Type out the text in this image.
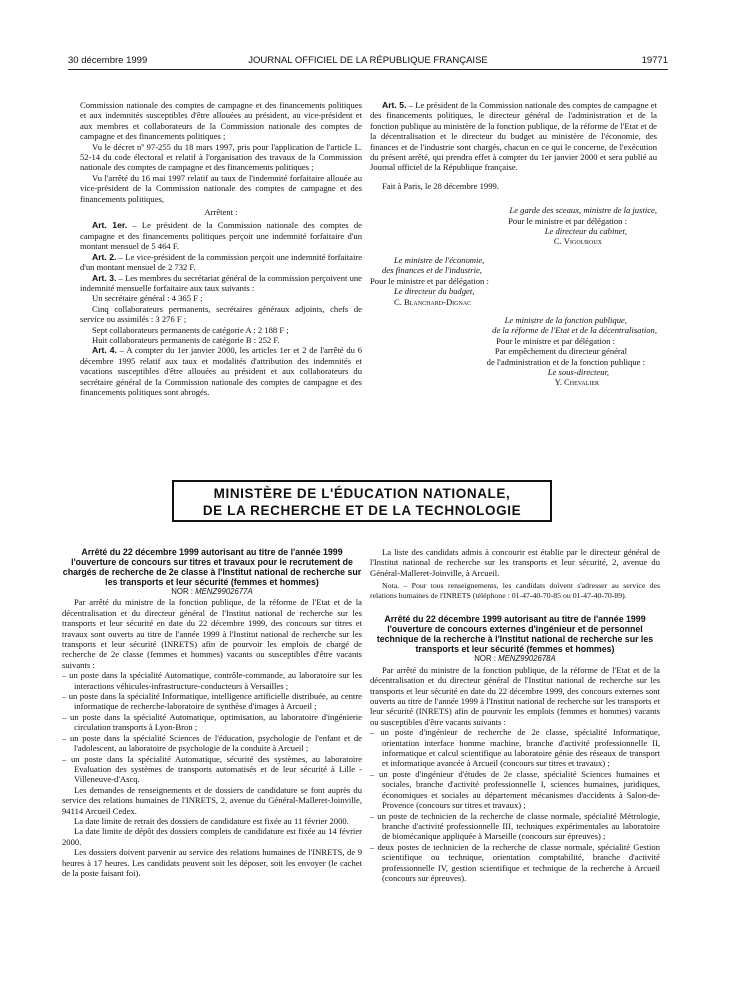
30 décembre 1999	JOURNAL OFFICIEL DE LA RÉPUBLIQUE FRANÇAISE	19771

Commission nationale des comptes de campagne et des financements politiques et aux indemnités susceptibles d'être allouées au président, au vice-président et aux membres et collaborateurs de la Commission nationale des comptes de campagne et des financements politiques ;

Vu le décret nº 97-255 du 18 mars 1997, pris pour l'application de l'article L. 52-14 du code électoral et relatif à l'organisation des travaux de la Commission nationale des comptes de campagne et des financements politiques ;

Vu l'arrêté du 16 mai 1997 relatif au taux de l'indemnité forfaitaire allouée au vice-président de la Commission nationale des comptes de campagne et des financements politiques,

Arrêtent :

Art. 1er. – Le président de la Commission nationale des comptes de campagne et des financements politiques perçoit une indemnité forfaitaire d'un montant mensuel de 5 464 F.

Art. 2. – Le vice-président de la commission perçoit une indemnité forfaitaire d'un montant mensuel de 2 732 F.

Art. 3. – Les membres du secrétariat général de la commission perçoivent une indemnité mensuelle forfaitaire aux taux suivants :

Un secrétaire général : 4 365 F ;

Cinq collaborateurs permanents, secrétaires généraux adjoints, chefs de service ou assimilés : 3 276 F ;

Sept collaborateurs permanents de catégorie A : 2 188 F ;

Huit collaborateurs permanents de catégorie B : 252 F.

Art. 4. – A compter du 1er janvier 2000, les articles 1er et 2 de l'arrêté du 6 décembre 1995 relatif aux taux et modalités d'attribution des indemnités et vacations susceptibles d'être allouées au président et aux collaborateurs du secrétaire général de la Commission nationale des comptes de campagne et des financements politiques sont abrogés.

Art. 5. – Le président de la Commission nationale des comptes de campagne et des financements politiques, le directeur général de l'administration et de la fonction publique au ministère de la fonction publique, de la réforme de l'Etat et de la décentralisation et le directeur du budget au ministère de l'économie, des finances et de l'industrie sont chargés, chacun en ce qui le concerne, de l'exécution du présent arrêté, qui prendra effet à compter du 1er janvier 2000 et sera publié au Journal officiel de la République française.

Fait à Paris, le 28 décembre 1999.

Le garde des sceaux, ministre de la justice,

Pour le ministre et par délégation :

Le directeur du cabinet,

C. Vigouroux

Le ministre de l'économie,

des finances et de l'industrie,

Pour le ministre et par délégation :

Le directeur du budget,

C. Blanchard-Dignac

Le ministre de la fonction publique,

de la réforme de l'Etat et de la décentralisation,

Pour le ministre et par délégation :

Par empêchement du directeur général

de l'administration et de la fonction publique :

Le sous-directeur,

Y. Chevalier

MINISTÈRE DE L'ÉDUCATION NATIONALE,
DE LA RECHERCHE ET DE LA TECHNOLOGIE

Arrêté du 22 décembre 1999 autorisant au titre de l'année 1999 l'ouverture de concours sur titres et travaux pour le recrutement de chargés de recherche de 2e classe à l'Institut national de recherche sur les transports et leur sécurité (femmes et hommes)

NOR : MENZ9902677A

Par arrêté du ministre de la fonction publique, de la réforme de l'Etat et de la décentralisation et du directeur général de l'Institut national de recherche sur les transports et leur sécurité en date du 22 décembre 1999, des concours sur titres et travaux sont ouverts au titre de l'année 1999 à l'Institut national de recherche sur les transports et leur sécurité (INRETS) afin de pourvoir les emplois de chargé de recherche de 2e classe (femmes et hommes) vacants ou susceptibles d'être vacants suivants :

– un poste dans la spécialité Automatique, contrôle-commande, au laboratoire sur les interactions véhicules-infrastructure-conducteurs à Versailles ;

– un poste dans la spécialité Informatique, intelligence artificielle distribuée, au centre informatique de recherche-laboratoire de synthèse d'images à Arcueil ;

– un poste dans la spécialité Automatique, optimisation, au laboratoire d'ingénierie circulation transports à Lyon-Bron ;

– un poste dans la spécialité Sciences de l'éducation, psychologie de l'enfant et de l'adolescent, au laboratoire de psychologie de la conduite à Arcueil ;

– un poste dans la spécialité Automatique, sécurité des systèmes, au laboratoire Evaluation des systèmes de transports automatisés et de leur sécurité à Lille - Villeneuve-d'Ascq.

Les demandes de renseignements et de dossiers de candidature se font auprès du service des relations humaines de l'INRETS, 2, avenue du Général-Malleret-Joinville, 94114 Arcueil Cedex.

La date limite de retrait des dossiers de candidature est fixée au 11 février 2000.

La date limite de dépôt des dossiers complets de candidature est fixée au 14 février 2000.

Les dossiers doivent parvenir au service des relations humaines de l'INRETS, de 9 heures à 17 heures. Les candidats peuvent soit les déposer, soit les envoyer (le cachet de la poste faisant foi).

La liste des candidats admis à concourir est établie par le directeur général de l'Institut national de recherche sur les transports et leur sécurité, 2, avenue du Général-Malleret-Joinville, à Arcueil.

Nota. – Pour tous renseignements, les candidats doivent s'adresser au service des relations humaines de l'INRETS (téléphone : 01-47-40-70-85 ou 01-47-40-70-89).

Arrêté du 22 décembre 1999 autorisant au titre de l'année 1999 l'ouverture de concours externes d'ingénieur et de personnel technique de la recherche à l'Institut national de recherche sur les transports et leur sécurité (femmes et hommes)

NOR : MENZ9902678A

Par arrêté du ministre de la fonction publique, de la réforme de l'Etat et de la décentralisation et du directeur général de l'Institut national de recherche sur les transports et leur sécurité en date du 22 décembre 1999, des concours externes sont ouverts au titre de l'année 1999 à l'Institut national de recherche sur les transports et leur sécurité (INRETS) afin de pourvoir les emplois (femmes et hommes) vacants ou susceptibles d'être vacants suivants :

– un poste d'ingénieur de recherche de 2e classe, spécialité Informatique, orientation interface homme machine, branche d'activité professionnelle II, informatique et calcul scientifique au laboratoire génie des réseaux de transport et informatique avancée à Arcueil (concours sur titres et travaux) ;

– un poste d'ingénieur d'études de 2e classe, spécialité Sciences humaines et sociales, branche d'activité professionnelle I, sciences humaines, juridiques, économiques et sociales au département mécanismes d'accidents à Salon-de-Provence (concours sur titres et travaux) ;

– un poste de technicien de la recherche de classe normale, spécialité Métrologie, branche d'activité professionnelle III, techniques expérimentales au laboratoire de biomécanique appliquée à Marseille (concours sur épreuves) ;

– deux postes de technicien de la recherche de classe normale, spécialité Gestion scientifique ou technique, orientation comptabilité, branche d'activité professionnelle IV, gestion scientifique et technique de la recherche à Arcueil (concours sur épreuves).
